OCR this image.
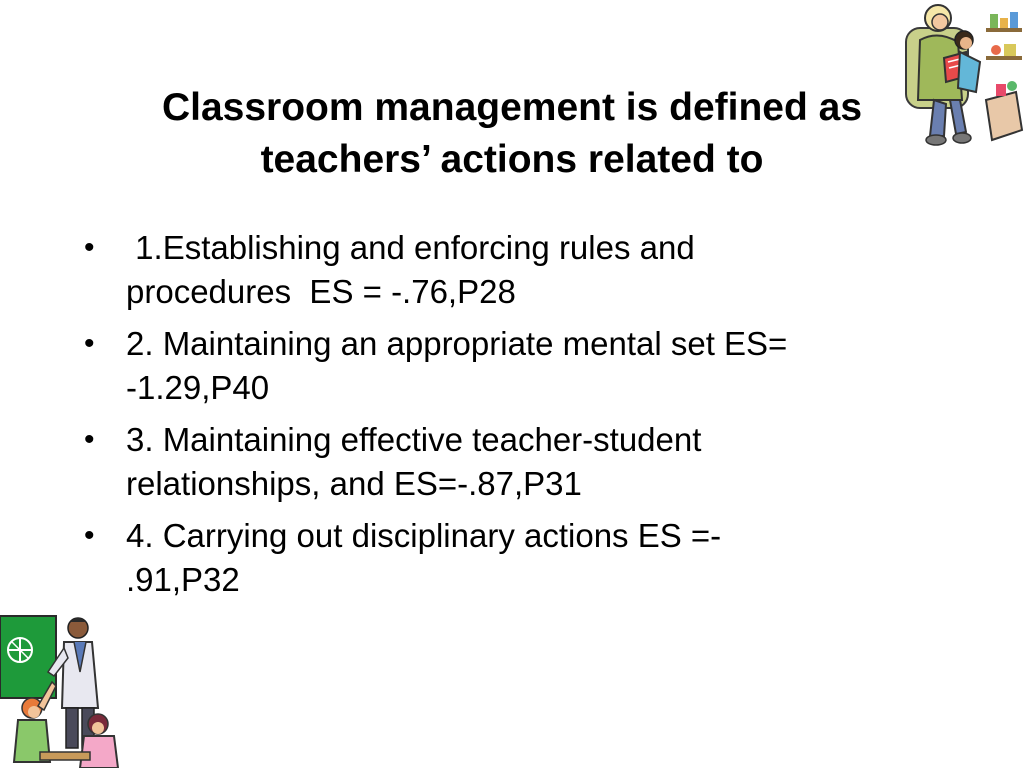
Classroom management is defined as
teachers’ actions related to
• 1.Establishing and enforcing rules and
procedures  ES = -.76,P28
• 2. Maintaining an appropriate mental set ES=
-1.29,P40
• 3. Maintaining effective teacher-student
relationships, and ES=-.87,P31
• 4. Carrying out disciplinary actions ES =-
.91,P32
